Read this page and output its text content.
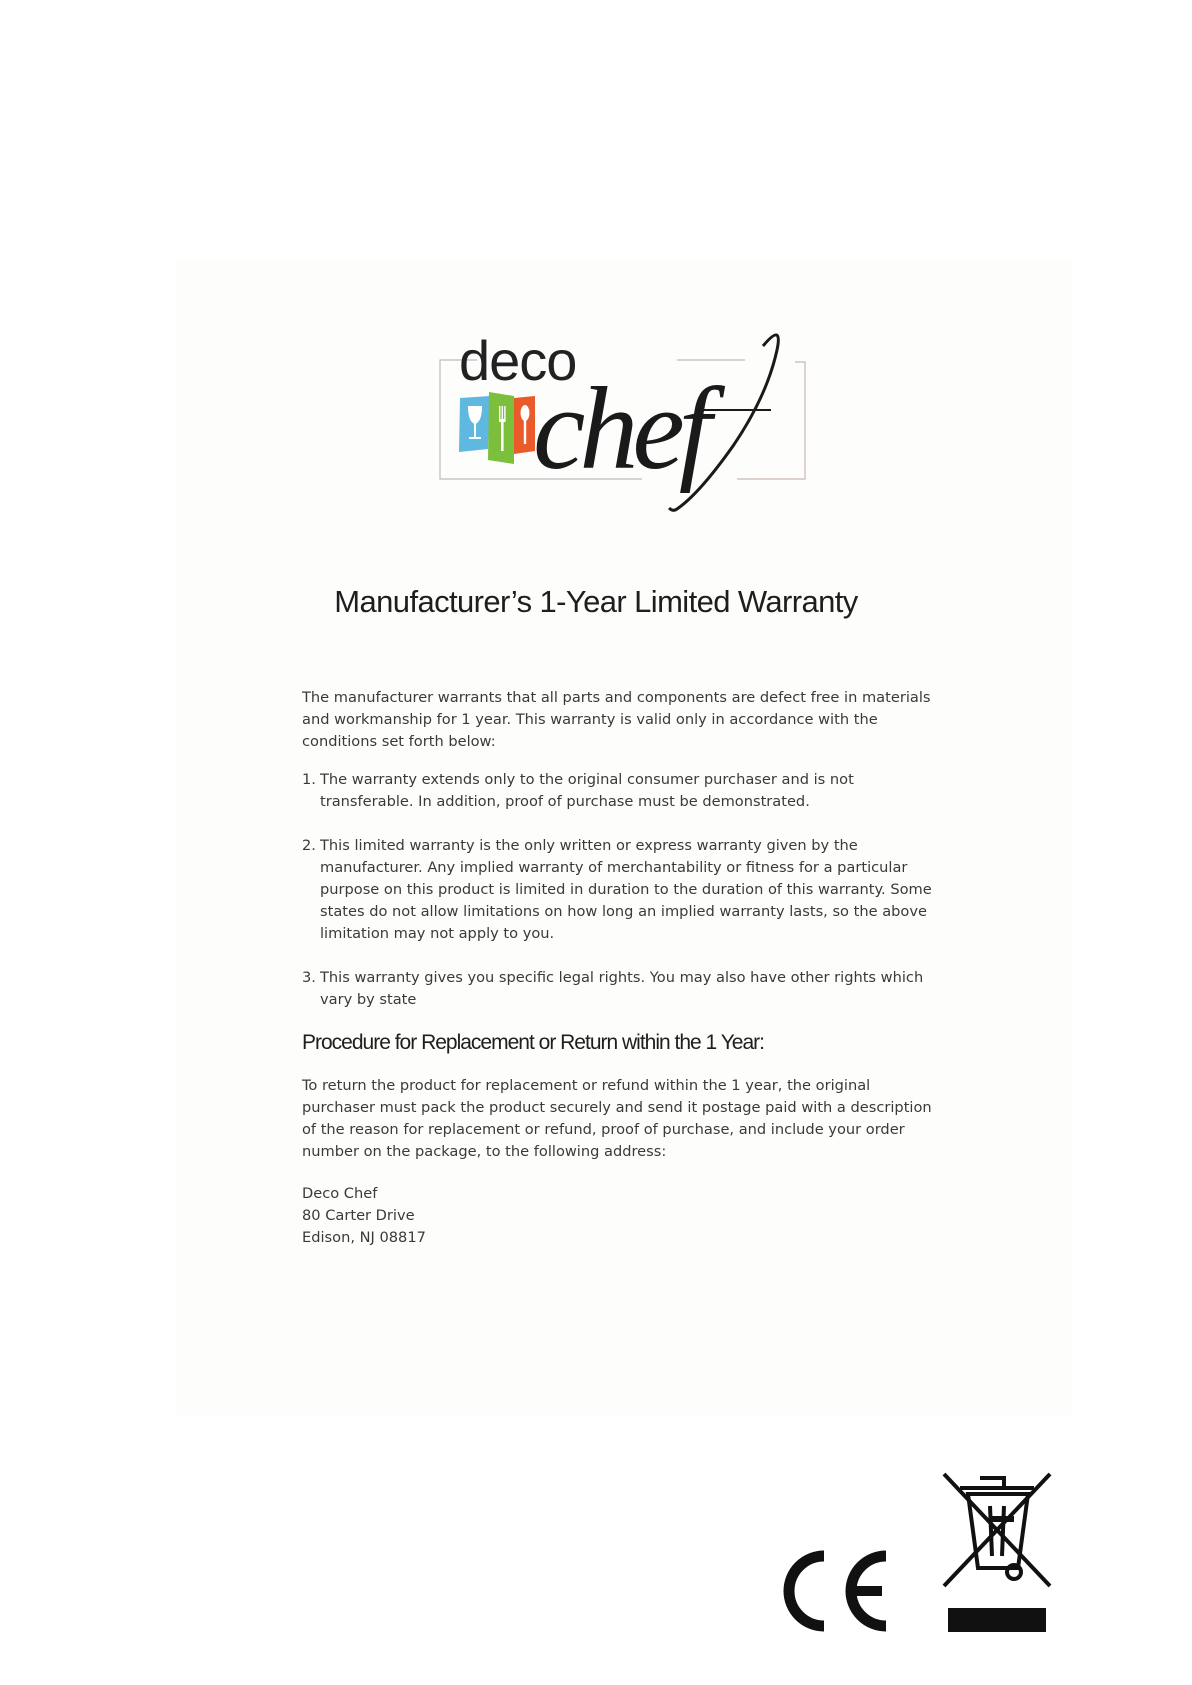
deco
chef
Manufacturer’s 1-Year Limited Warranty
The manufacturer warrants that all parts and components are defect free in materials and workmanship for 1 year. This warranty is valid only in accordance with the conditions set forth below:
1. The warranty extends only to the original consumer purchaser and is not transferable. In addition, proof of purchase must be demonstrated.
2. This limited warranty is the only written or express warranty given by the manufacturer. Any implied warranty of merchantability or fitness for a particular purpose on this product is limited in duration to the duration of this warranty. Some states do not allow limitations on how long an implied warranty lasts, so the above limitation may not apply to you.
3. This warranty gives you specific legal rights. You may also have other rights which vary by state
Procedure for Replacement or Return within the 1 Year:
To return the product for replacement or refund within the 1 year, the original purchaser must pack the product securely and send it postage paid with a description of the reason for replacement or refund, proof of purchase, and include your order number on the package, to the following address:
Deco Chef
80 Carter Drive
Edison, NJ 08817
